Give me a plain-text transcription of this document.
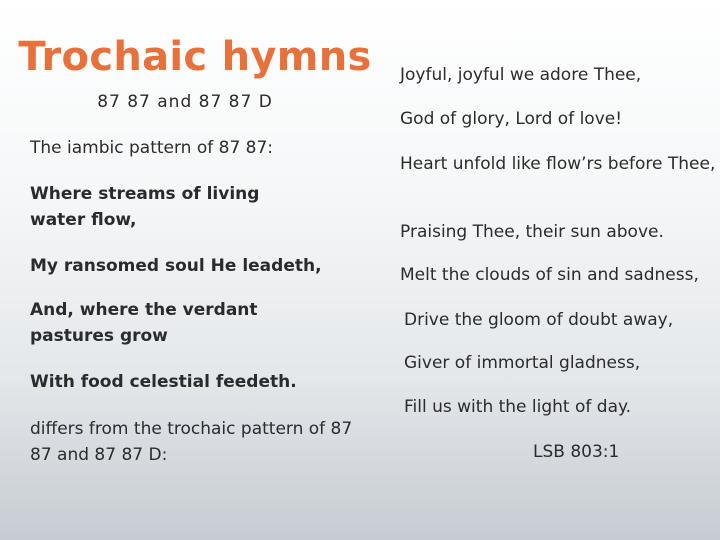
Trochaic hymns
87 87 and 87 87 D
The iambic pattern of 87 87:
Where streams of living water flow,
My ransomed soul He leadeth,
And, where the verdant pastures grow
With food celestial feedeth.
differs from the trochaic pattern of 87 87 and 87 87 D:
Joyful, joyful we adore Thee,
God of glory, Lord of love!
Heart unfold like flow’rs before Thee,
Praising Thee, their sun above.
Melt the clouds of sin and sadness,
Drive the gloom of doubt away,
Giver of immortal gladness,
Fill us with the light of day.
LSB 803:1
